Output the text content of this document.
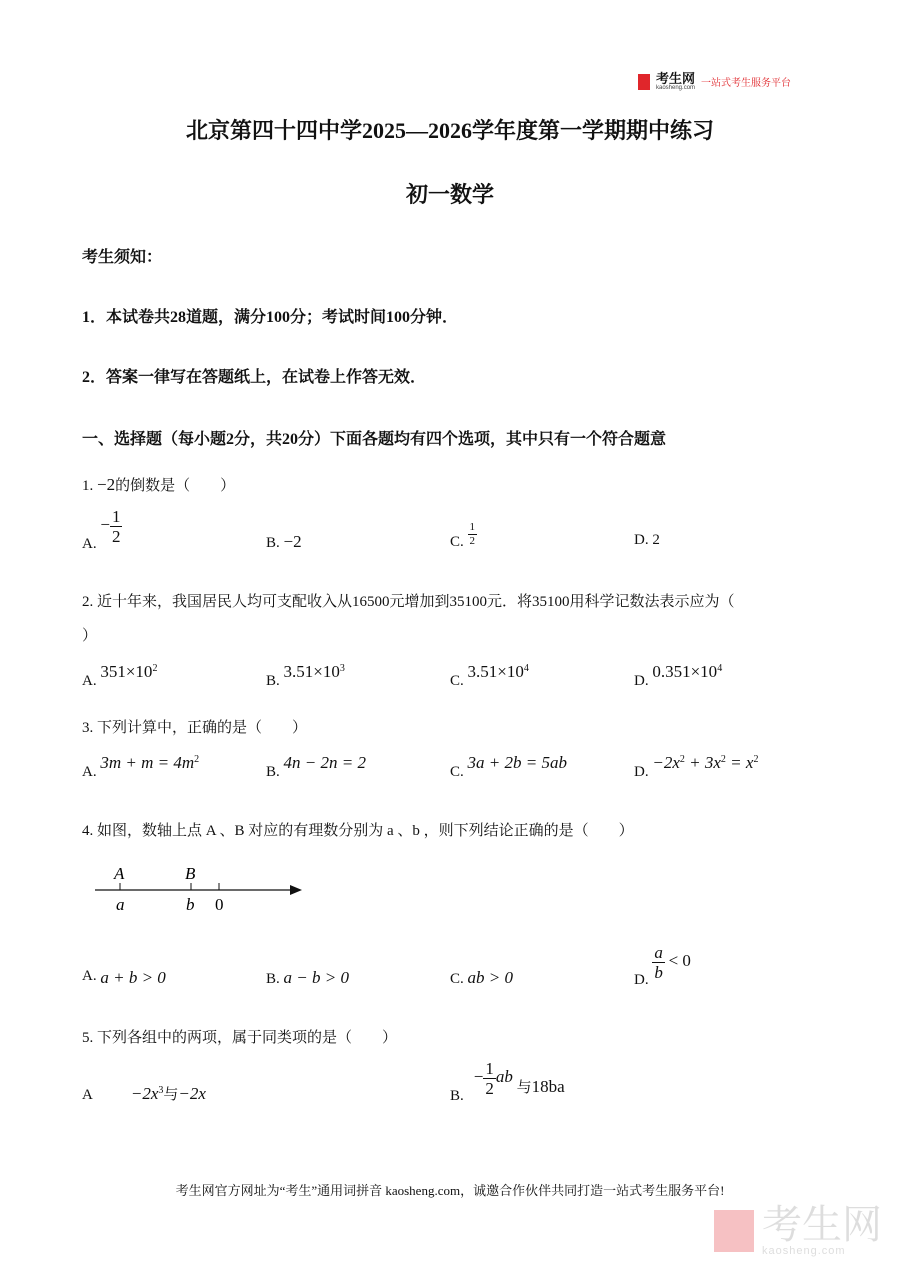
考生网
kaosheng.com 一站式考生服务平台
北京第四十四中学2025—2026学年度第一学期期中练习
初一数学
考生须知：
1．本试卷共28道题，满分100分；考试时间100分钟．
2．答案一律写在答题纸上，在试卷上作答无效．
一、选择题（每小题2分，共20分）下面各题均有四个选项，其中只有一个符合题意
1. −2的倒数是（　　）
A. − $\frac{1}{2}$	B. −2	C. $\frac{1}{2}$	D. 2
2. 近十年来，我国居民人均可支配收入从16500元增加到35100元．将35100用科学记数法表示应为（
）
A. $351\times 10^2$
B. $3.51\times 10^3$
C. $3.51\times 10^4$
D. $0.351\times 10^4$
3. 下列计算中，正确的是（　　）
A. $3m + m = 4m^2$
B. 4n − 2n = 2	C. 3a + 2b = 5ab	D. $-2x^2 + 3x^2 = x^2$
4. 如图，数轴上点 A 、B 对应的有理数分别为 a 、b ，则下列结论正确的是（　　）
A	B
a	b 0
A. a + b > 0	B. a − b > 0	C. ab > 0	D. $\frac{a}{b} < 0$
5. 下列各组中的两项，属于同类项的是（　　）
$A -2x^3$与−2x	$B.- \frac{1}{2}$ ab 与18ba
考生网官方网址为“考生”通用词拼音 kaosheng.com，诚邀合作伙伴共同打造一站式考生服务平台!
考生网
kaosheng.com
